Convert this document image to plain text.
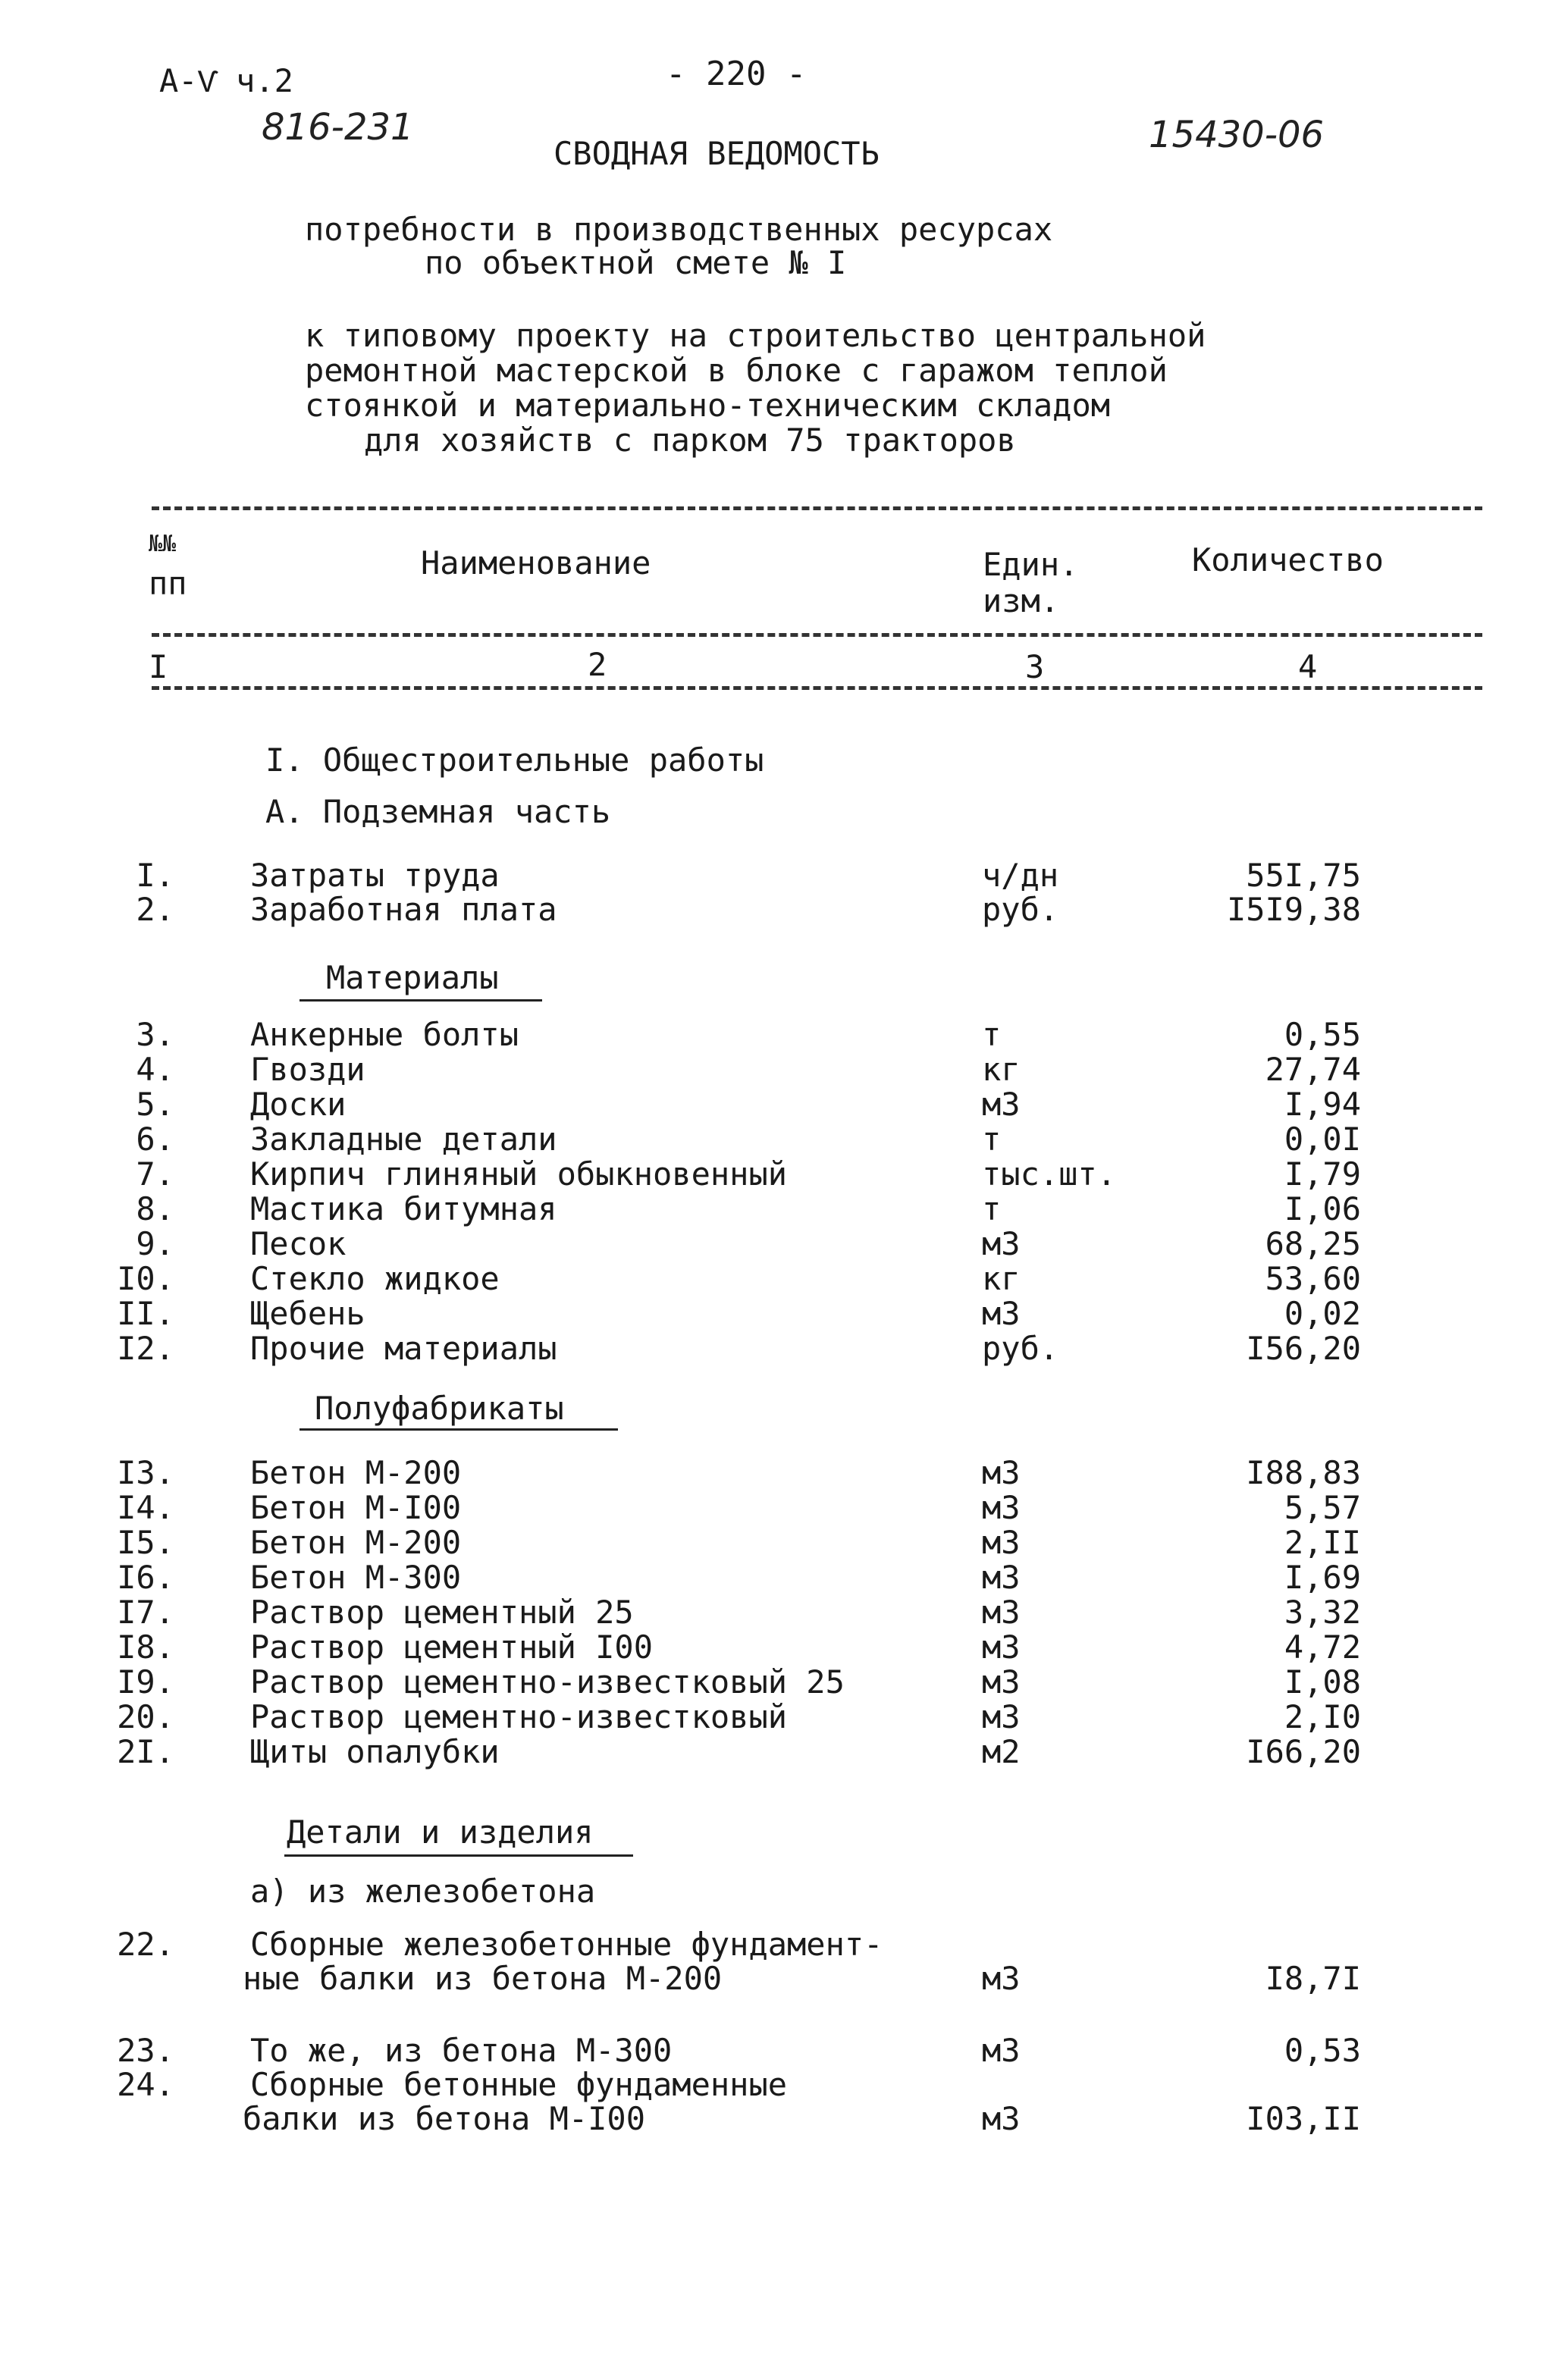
А-Ѵ ч.2
816-231
- 220 -
15430-06
СВОДНАЯ ВЕДОМОСТЬ
потребности в производственных ресурсах
по объектной смете № I
к типовому проекту на строительство центральной
ремонтной мастерской в блоке с гаражом теплой
стоянкой и материально-техническим складом
для хозяйств с парком 75 тракторов
№№
пп
Наименование	Един.
изм.
Количество
I	2	3	4
I. Общестроительные работы
А. Подземная часть
I. Затраты труда	ч/дн	55I,75
2. Заработная плата	руб.	I5I9,38
Материалы
3. Анкерные болты	т	0,55
4. Гвозди	кг	27,74
5. Доски	м3	I,94
6. Закладные детали	т	0,0I
7. Кирпич глиняный обыкновенный	тыс.шт.	I,79
8. Мастика битумная	т	I,06
9. Песок	м3	68,25
I0. Стекло жидкое	кг	53,60
II. Щебень	м3	0,02
I2. Прочие материалы	руб.	I56,20
Полуфабрикаты
I3. Бетон М-200	м3	I88,83
I4. Бетон М-I00	м3	5,57
I5. Бетон М-200	м3	2,II
I6. Бетон М-300	м3	I,69
I7. Раствор цементный 25	м3	3,32
I8. Раствор цементный I00	м3	4,72
I9. Раствор цементно-известковый 25	м3	I,08
20. Раствор цементно-известковый	м3	2,I0
2I. Щиты опалубки	м2	I66,20
Детали и изделия
а) из железобетона
22. Сборные железобетонные фундамент-
ные балки из бетона М-200	м3	I8,7I
23. То же, из бетона М-300	м3	0,53
24. Сборные бетонные фундаменные
балки из бетона М-I00	м3	I03,II
